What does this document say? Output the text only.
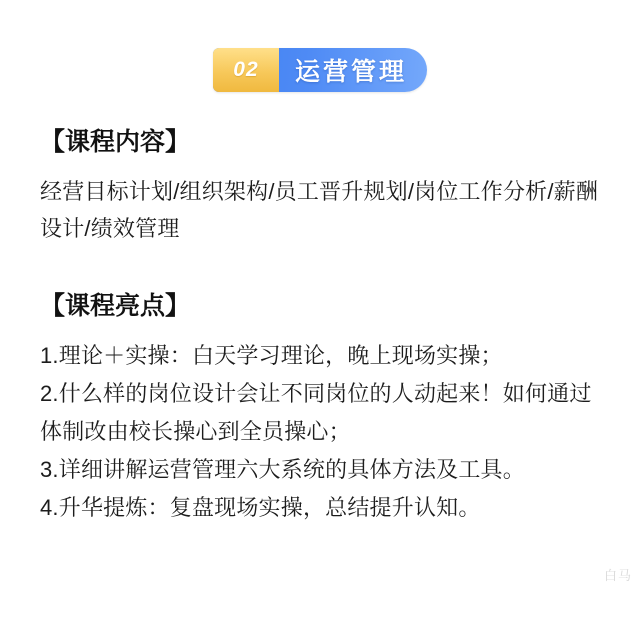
02	运营管理
【课程内容】

经营目标计划/组织架构/员工晋升规划/岗位工作分析/薪酬设计/绩效管理

【课程亮点】

1.理论＋实操：白天学习理论，晚上现场实操；

2.什么样的岗位设计会让不同岗位的人动起来！如何通过体制改由校长操心到全员操心；

3.详细讲解运营管理六大系统的具体方法及工具。

4.升华提炼：复盘现场实操，总结提升认知。

白马
